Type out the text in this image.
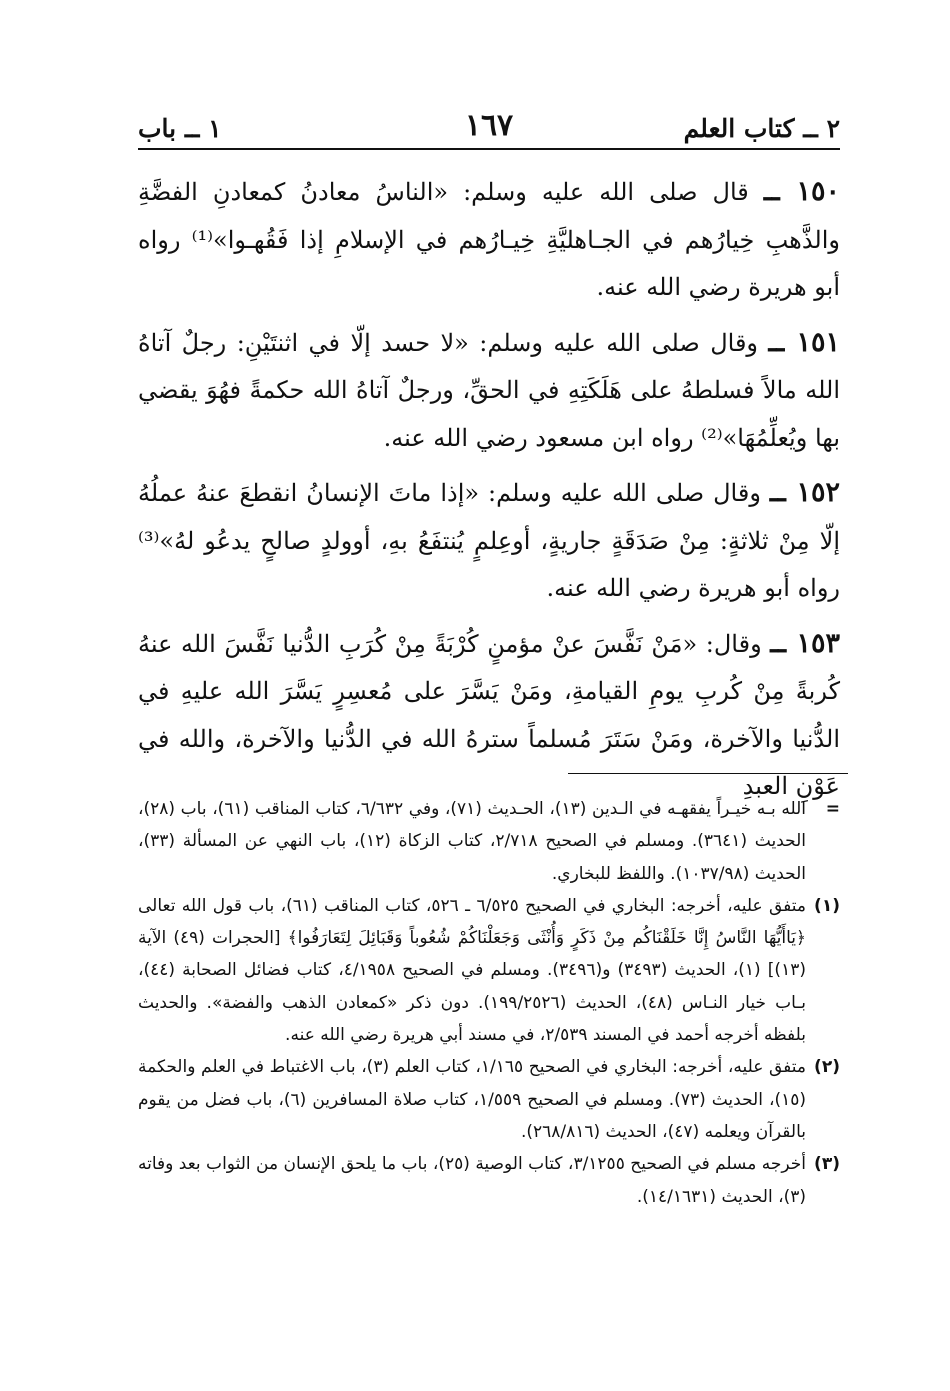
٢ ــ كتاب العلم
١٦٧
١ ــ باب

١٥٠ ــ قال صلى الله عليه وسلم: «الناسُ معادنُ كمعادنِ الفضَّةِ والذَّهبِ خِيارُهم في الجـاهليَّةِ خِيـارُهم في الإسلامِ إذا فَقُهـوا»⁽¹⁾ رواه أبو هريرة رضي الله عنه.

١٥١ ــ وقال صلى الله عليه وسلم: «لا حسد إلّا في اثنتَيْنِ: رجلٌ آتاهُ الله مالاً فسلطهُ على هَلَكَتِهِ في الحقِّ، ورجلٌ آتاهُ الله حكمةً فهُوَ يقضي بها ويُعلِّمُهَا»⁽²⁾ رواه ابن مسعود رضي الله عنه.

١٥٢ ــ وقال صلى الله عليه وسلم: «إذا ماتَ الإنسانُ انقطعَ عنهُ عملُهُ إلّا مِنْ ثلاثةٍ: مِنْ صَدَقَةٍ جاريةٍ، أوعِلمٍ يُنتفَعُ بهِ، أوولدٍ صالحٍ يدعُو لهُ»⁽³⁾ رواه أبو هريرة رضي الله عنه.

١٥٣ ــ وقال: «مَنْ نَفَّسَ عنْ مؤمنٍ كُرْبَةً مِنْ كُرَبِ الدُّنيا نَفَّسَ الله عنهُ كُربةً مِنْ كُربِ يومِ القيامةِ، ومَنْ يَسَّرَ على مُعسِرٍ يَسَّرَ الله عليهِ في الدُّنيا والآخرة، ومَنْ سَتَرَ مُسلماً سترهُ الله في الدُّنيا والآخرة، والله في عَوْنِ العبدِ

=
الله بـه خيـراً يفقهـه في الـدين (١٣)، الحـديث (٧١)، وفي ٦/٦٣٢، كتاب المناقب (٦١)، باب (٢٨)، الحديث (٣٦٤١). ومسلم في الصحيح ٢/٧١٨، كتاب الزكاة (١٢)، باب النهي عن المسألة (٣٣)، الحديث (١٠٣٧/٩٨). واللفظ للبخاري.
(١)
متفق عليه، أخرجه: البخاري في الصحيح ٦/٥٢٥ ـ ٥٢٦، كتاب المناقب (٦١)، باب قول الله تعالى ﴿يَاأَيُّهَا النَّاسُ إِنَّا خَلَقْنَاكُم مِنْ ذَكَرٍ وَأُنْثَى وَجَعَلْنَاكُمْ شُعُوباً وَقَبَائِلَ لِتَعَارَفُوا﴾ [الحجرات (٤٩) الآية (١٣)] (١)، الحديث (٣٤٩٣) و(٣٤٩٦). ومسلم في الصحيح ٤/١٩٥٨، كتاب فضائل الصحابة (٤٤)، بـاب خيار النـاس (٤٨)، الحديث (١٩٩/٢٥٢٦). دون ذكر «كمعادن الذهب والفضة». والحديث بلفظه أخرجه أحمد في المسند ٢/٥٣٩، في مسند أبي هريرة رضي الله عنه.
(٢)
متفق عليه، أخرجه: البخاري في الصحيح ١/١٦٥، كتاب العلم (٣)، باب الاغتباط في العلم والحكمة (١٥)، الحديث (٧٣). ومسلم في الصحيح ١/٥٥٩، كتاب صلاة المسافرين (٦)، باب فضل من يقوم بالقرآن ويعلمه (٤٧)، الحديث (٢٦٨/٨١٦).
(٣)
أخرجه مسلم في الصحيح ٣/١٢٥٥، كتاب الوصية (٢٥)، باب ما يلحق الإنسان من الثواب بعد وفاته (٣)، الحديث (١٤/١٦٣١).
